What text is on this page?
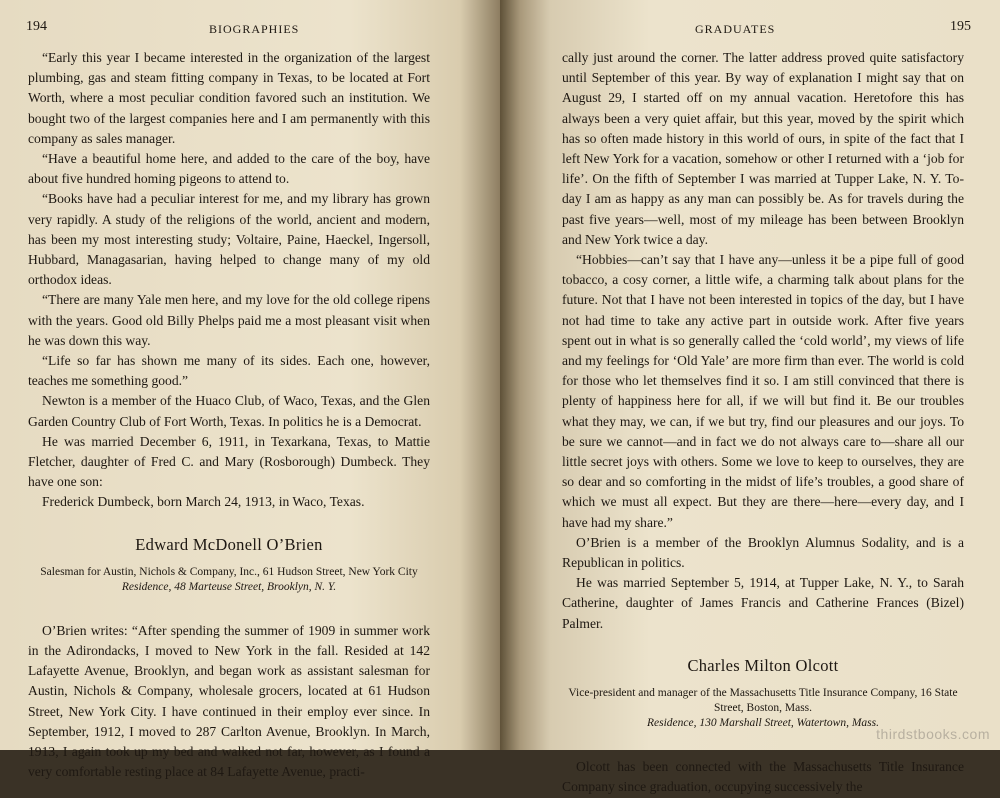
194	BIOGRAPHIES

“Early this year I became interested in the organization of the largest plumbing, gas and steam fitting company in Texas, to be located at Fort Worth, where a most peculiar condition favored such an institution. We bought two of the largest companies here and I am permanently with this company as sales manager.

“Have a beautiful home here, and added to the care of the boy, have about five hundred homing pigeons to attend to.

“Books have had a peculiar interest for me, and my library has grown very rapidly. A study of the religions of the world, ancient and modern, has been my most interesting study; Voltaire, Paine, Haeckel, Ingersoll, Hubbard, Managasarian, having helped to change many of my old orthodox ideas.

“There are many Yale men here, and my love for the old college ripens with the years. Good old Billy Phelps paid me a most pleasant visit when he was down this way.

“Life so far has shown me many of its sides. Each one, however, teaches me something good.”

Newton is a member of the Huaco Club, of Waco, Texas, and the Glen Garden Country Club of Fort Worth, Texas. In politics he is a Democrat.

He was married December 6, 1911, in Texarkana, Texas, to Mattie Fletcher, daughter of Fred C. and Mary (Rosborough) Dumbeck. They have one son:

Frederick Dumbeck, born March 24, 1913, in Waco, Texas.

Edward McDonell O’Brien
Salesman for Austin, Nichols & Company, Inc., 61 Hudson Street, New York City
Residence, 48 Marteuse Street, Brooklyn, N. Y.

O’Brien writes: “After spending the summer of 1909 in summer work in the Adirondacks, I moved to New York in the fall. Resided at 142 Lafayette Avenue, Brooklyn, and began work as assistant salesman for Austin, Nichols & Company, wholesale grocers, located at 61 Hudson Street, New York City. I have continued in their employ ever since. In September, 1912, I moved to 287 Carlton Avenue, Brooklyn. In March, 1913, I again took up my bed and walked not far, however, as I found a very comfortable resting place at 84 Lafayette Avenue, practi-

GRADUATES	195

cally just around the corner. The latter address proved quite satisfactory until September of this year. By way of explanation I might say that on August 29, I started off on my annual vacation. Heretofore this has always been a very quiet affair, but this year, moved by the spirit which has so often made history in this world of ours, in spite of the fact that I left New York for a vacation, somehow or other I returned with a ‘job for life’. On the fifth of September I was married at Tupper Lake, N. Y. To-day I am as happy as any man can possibly be. As for travels during the past five years—well, most of my mileage has been between Brooklyn and New York twice a day.

“Hobbies—can’t say that I have any—unless it be a pipe full of good tobacco, a cosy corner, a little wife, a charming talk about plans for the future. Not that I have not been interested in topics of the day, but I have not had time to take any active part in outside work. After five years spent out in what is so generally called the ‘cold world’, my views of life and my feelings for ‘Old Yale’ are more firm than ever. The world is cold for those who let themselves find it so. I am still convinced that there is plenty of happiness here for all, if we will but find it. Be our troubles what they may, we can, if we but try, find our pleasures and our joys. To be sure we cannot—and in fact we do not always care to—share all our little secret joys with others. Some we love to keep to ourselves, they are so dear and so comforting in the midst of life’s troubles, a good share of which we must all expect. But they are there—here—every day, and I have had my share.”

O’Brien is a member of the Brooklyn Alumnus Sodality, and is a Republican in politics.

He was married September 5, 1914, at Tupper Lake, N. Y., to Sarah Catherine, daughter of James Francis and Catherine Frances (Bizel) Palmer.

Charles Milton Olcott
Vice-president and manager of the Massachusetts Title Insurance Company, 16 State Street, Boston, Mass.
Residence, 130 Marshall Street, Watertown, Mass.

Olcott has been connected with the Massachusetts Title Insurance Company since graduation, occupying successively the

thirdstbooks.com
